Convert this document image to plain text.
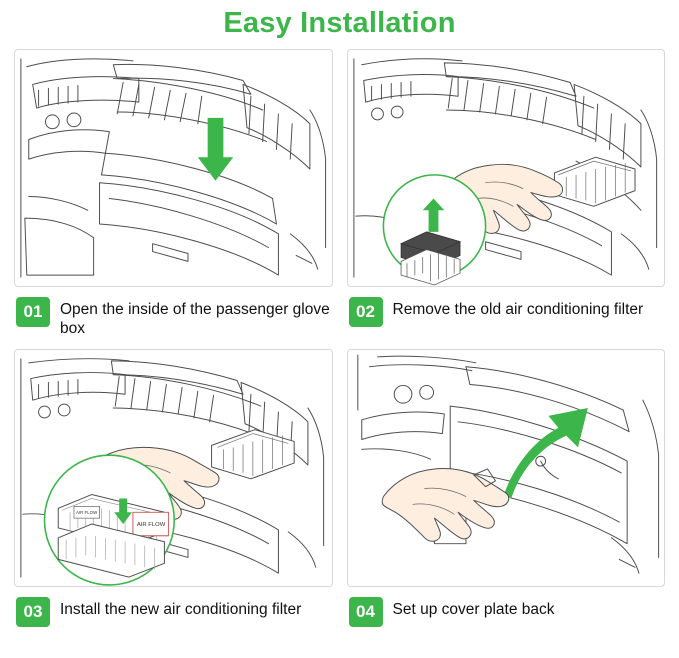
Easy Installation
01	Open the inside of the passenger glove box
02	Remove the old air conditioning filter
AIR FLOW
AIR FLOW
03	Install the new air conditioning filter	04	Set up cover plate back
